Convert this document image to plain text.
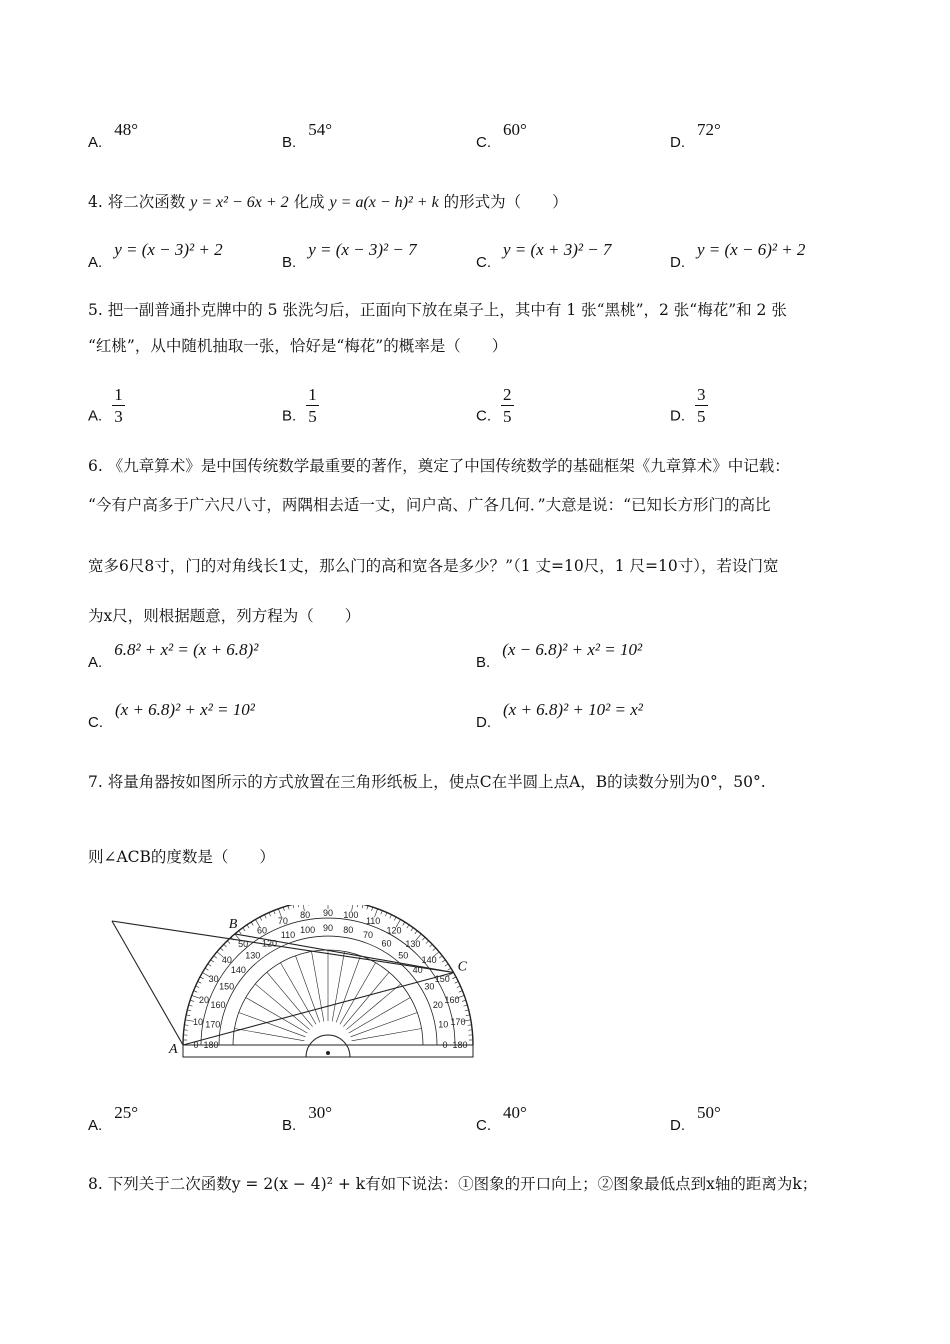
A.48°
B.54°
C.60°
D.72°
4. 将二次函数 y = x² − 6x + 2 化成 y = a(x − h)² + k 的形式为（　　）
A.y = (x − 3)² + 2
B.y = (x − 3)² − 7
C.y = (x + 3)² − 7
D.y = (x − 6)² + 2
5. 把一副普通扑克牌中的 5 张洗匀后，正面向下放在桌子上，其中有 1 张“黑桃”，2 张“梅花”和 2 张
“红桃”，从中随机抽取一张，恰好是“梅花”的概率是（　　）
A. $\frac{1}{3}$	B. $\frac{1}{5}$	C. $\frac{2}{5}$	D. $\frac{3}{5}$
6. 《九章算术》是中国传统数学最重要的著作，奠定了中国传统数学的基础框架《九章算术》中记载：
“今有户高多于广六尺八寸，两隅相去适一丈，问户高、广各几何．”大意是说：“已知长方形门的高比
宽多6尺8寸，门的对角线长1丈，那么门的高和宽各是多少？”（1 丈=10尺，1 尺=10寸），若设门宽
为x尺，则根据题意，列方程为（　　）
A.6.8² + x² = (x + 6.8)²
B.(x − 6.8)² + x² = 10²
C.(x + 6.8)² + x² = 10²
D.(x + 6.8)² + 10² = x²
7. 将量角器按如图所示的方式放置在三角形纸板上，使点C在半圆上点A，B的读数分别为0°，50°.
则∠ACB的度数是（　　）
0
10
20
30
40
50
60
70
80 90 100
110
120
130
140
150
160
170
180
180
170
160
150
140
130
120
110
100 90 80
70
60
50
40
30
20
10
0
A
B
C
A.25°
B.30°
C.40°
D.50°
8. 下列关于二次函数y = 2(x − 4)² + k有如下说法：①图象的开口向上；②图象最低点到x轴的距离为k；
